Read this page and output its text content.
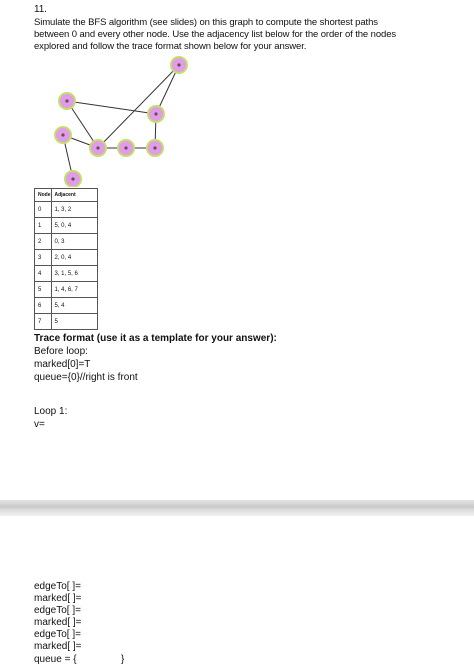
11.
Simulate the BFS algorithm (see slides) on this graph to compute the shortest paths
between 0 and every other node. Use the adjacency list below for the order of the nodes
explored and follow the trace format shown below for your answer.
Node	Adjacent
0	1, 3, 2
1	5, 0, 4
2	0, 3
3	2, 0, 4
4	3, 1, 5, 6
5	1, 4, 6, 7
6	5, 4
7	5
Trace format (use it as a template for your answer):
Before loop:
marked[0]=T
queue={0}//right is front
Loop 1:
v=
edgeTo[ ]=
marked[ ]=
edgeTo[ ]=
marked[ ]=
edgeTo[ ]=
marked[ ]=
queue = {                }
